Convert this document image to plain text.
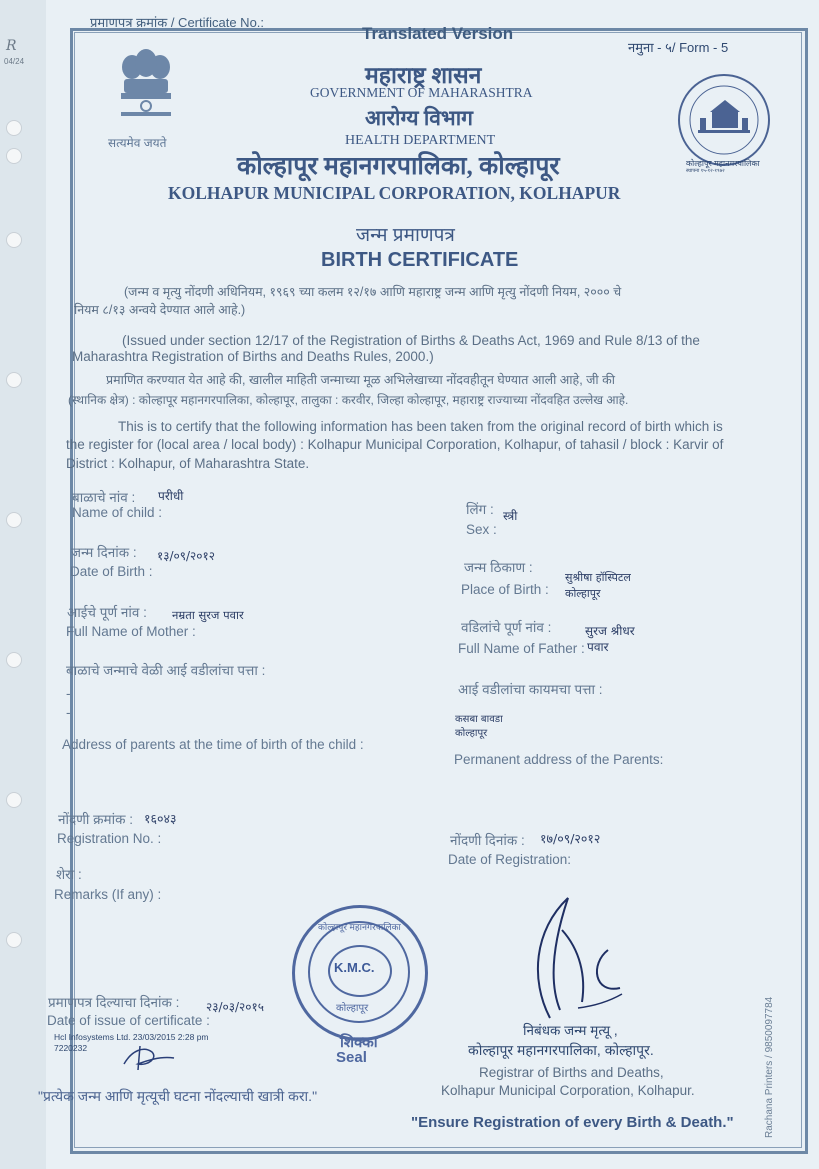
R
04/24
प्रमाणपत्र क्रमांक / Certificate No.:
Translated Version
नमुना - ५/ Form - 5
सत्यमेव जयते
कोल्हापूर महानगरपालिका
स्थापना १५-१२-१९७२
महाराष्ट्र शासन
GOVERNMENT OF MAHARASHTRA
आरोग्य विभाग
HEALTH DEPARTMENT
कोल्हापूर महानगरपालिका, कोल्हापूर
KOLHAPUR MUNICIPAL CORPORATION, KOLHAPUR
जन्म प्रमाणपत्र
BIRTH CERTIFICATE
(जन्म व मृत्यु नोंदणी अधिनियम, १९६९ च्या कलम १२/१७ आणि महाराष्ट्र जन्म आणि मृत्यु नोंदणी नियम, २००० चे
नियम ८/१३ अन्वये देण्यात आले आहे.)
(Issued under section 12/17 of the Registration of Births & Deaths Act, 1969 and Rule 8/13 of the
Maharashtra Registration of Births and Deaths Rules, 2000.)
प्रमाणित करण्यात येत आहे की, खालील माहिती जन्माच्या मूळ अभिलेखाच्या नोंदवहीतून घेण्यात आली आहे, जी की
(स्थानिक क्षेत्र) : कोल्हापूर महानगरपालिका, कोल्हापूर, तालुका : करवीर, जिल्हा कोल्हापूर, महाराष्ट्र राज्याच्या नोंदवहित उल्लेख आहे.
This is to certify that the following information has been taken from the original record of birth which is
the register for (local area / local body) : Kolhapur Municipal Corporation, Kolhapur, of tahasil / block : Karvir of
District : Kolhapur, of Maharashtra State.
बाळाचे नांव : परीधी
Name of child :	लिंग : स्त्री
Sex :
जन्म दिनांक : १३/०९/२०१२
Date of Birth :	जन्म ठिकाण :
सुश्रीषा हॉस्पिटल
Place of Birth : कोल्हापूर
आईचे पूर्ण नांव : नम्रता सुरज पवार
Full Name of Mother :	वडिलांचे पूर्ण नांव :	सुरज श्रीधर
पवार
Full Name of Father :
बाळाचे जन्माचे वेळी आई वडीलांचा पत्ता :
-
-
Address of parents at the time of birth of the child :
आई वडीलांचा कायमचा पत्ता :
कसबा बावडा
कोल्हापूर
Permanent address of the Parents:
नोंदणी क्रमांक : १६०४३
Registration No. :	नोंदणी दिनांक : १७/०९/२०१२
Date of Registration:
शेरा :
Remarks (If any) :
प्रमाणपत्र दिल्याचा दिनांक : २३/०३/२०१५
Date of issue of certificate :
Hcl Infosystems Ltd. 23/03/2015 2:28 pm
7220232
कोल्हापूर महानगरपालिका
K.M.C.
कोल्हापूर
शिक्का
Seal
निबंधक जन्म मृत्यू ,
कोल्हापूर महानगरपालिका, कोल्हापूर.
Registrar of Births and Deaths,
Kolhapur Municipal Corporation, Kolhapur.
"प्रत्येक जन्म आणि मृत्यूची घटना नोंदल्याची खात्री करा."
"Ensure Registration of every Birth & Death."	Rachana Printers / 9850097784
